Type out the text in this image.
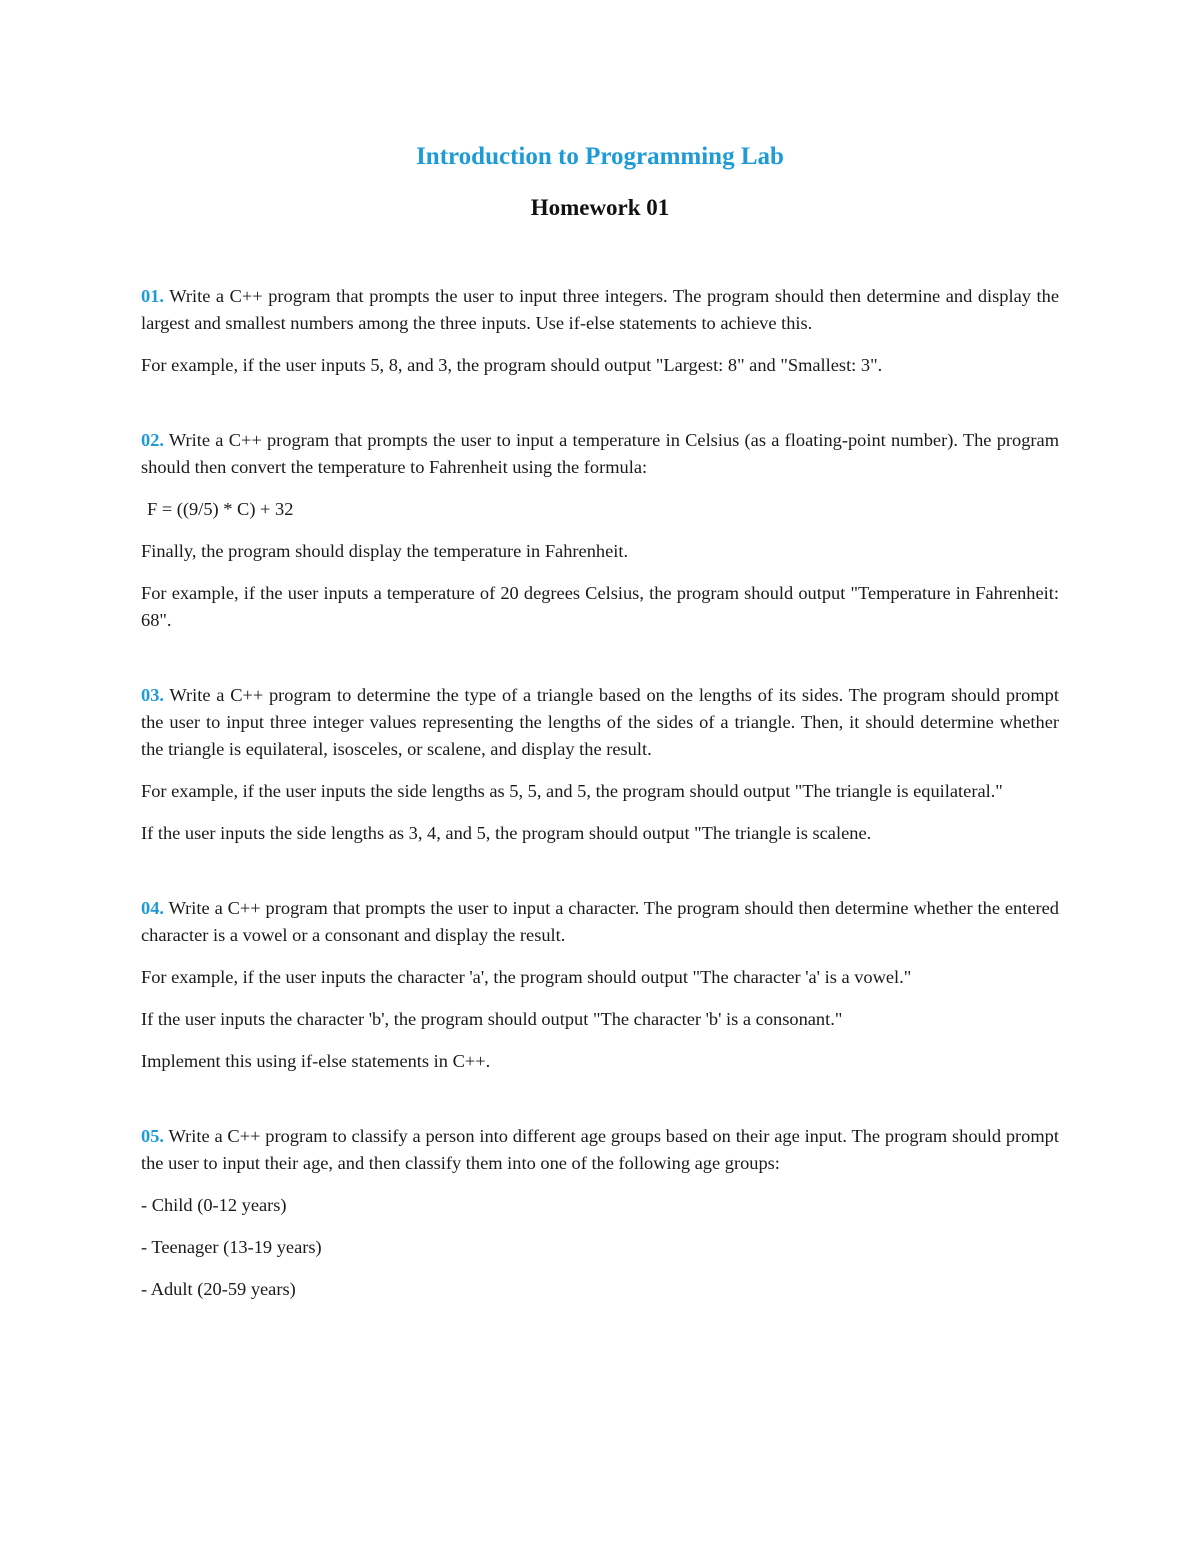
Introduction to Programming Lab
Homework 01

01. Write a C++ program that prompts the user to input three integers. The program should then determine and display the largest and smallest numbers among the three inputs. Use if-else statements to achieve this.

For example, if the user inputs 5, 8, and 3, the program should output "Largest: 8" and "Smallest: 3".

02. Write a C++ program that prompts the user to input a temperature in Celsius (as a floating-point number). The program should then convert the temperature to Fahrenheit using the formula:

F = ((9/5) * C) + 32

Finally, the program should display the temperature in Fahrenheit.

For example, if the user inputs a temperature of 20 degrees Celsius, the program should output "Temperature in Fahrenheit: 68".

03. Write a C++ program to determine the type of a triangle based on the lengths of its sides. The program should prompt the user to input three integer values representing the lengths of the sides of a triangle. Then, it should determine whether the triangle is equilateral, isosceles, or scalene, and display the result.

For example, if the user inputs the side lengths as 5, 5, and 5, the program should output "The triangle is equilateral."

If the user inputs the side lengths as 3, 4, and 5, the program should output "The triangle is scalene.

04. Write a C++ program that prompts the user to input a character. The program should then determine whether the entered character is a vowel or a consonant and display the result.

For example, if the user inputs the character 'a', the program should output "The character 'a' is a vowel."

If the user inputs the character 'b', the program should output "The character 'b' is a consonant."

Implement this using if-else statements in C++.

05. Write a C++ program to classify a person into different age groups based on their age input. The program should prompt the user to input their age, and then classify them into one of the following age groups:

- Child (0-12 years)

- Teenager (13-19 years)

- Adult (20-59 years)
